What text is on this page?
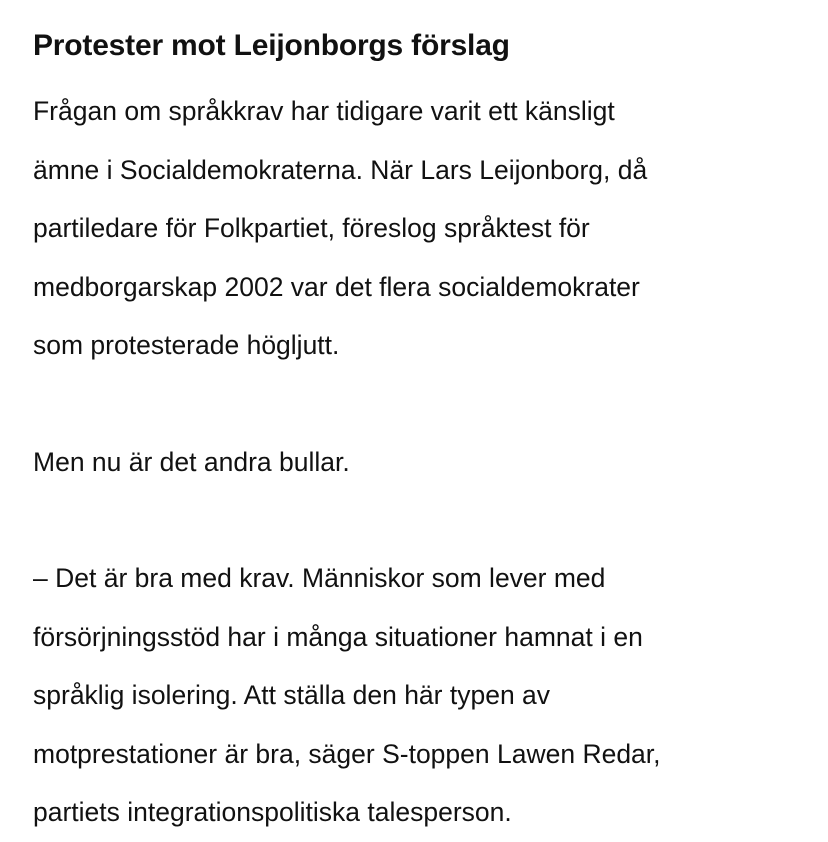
Protester mot Leijonborgs förslag

Frågan om språkkrav har tidigare varit ett känsligt
ämne i Socialdemokraterna. När Lars Leijonborg, då
partiledare för Folkpartiet, föreslog språktest för
medborgarskap 2002 var det flera socialdemokrater
som protesterade högljutt.

Men nu är det andra bullar.

– Det är bra med krav. Människor som lever med
försörjningsstöd har i många situationer hamnat i en
språklig isolering. Att ställa den här typen av
motprestationer är bra, säger S-toppen Lawen Redar,
partiets integrationspolitiska talesperson.
